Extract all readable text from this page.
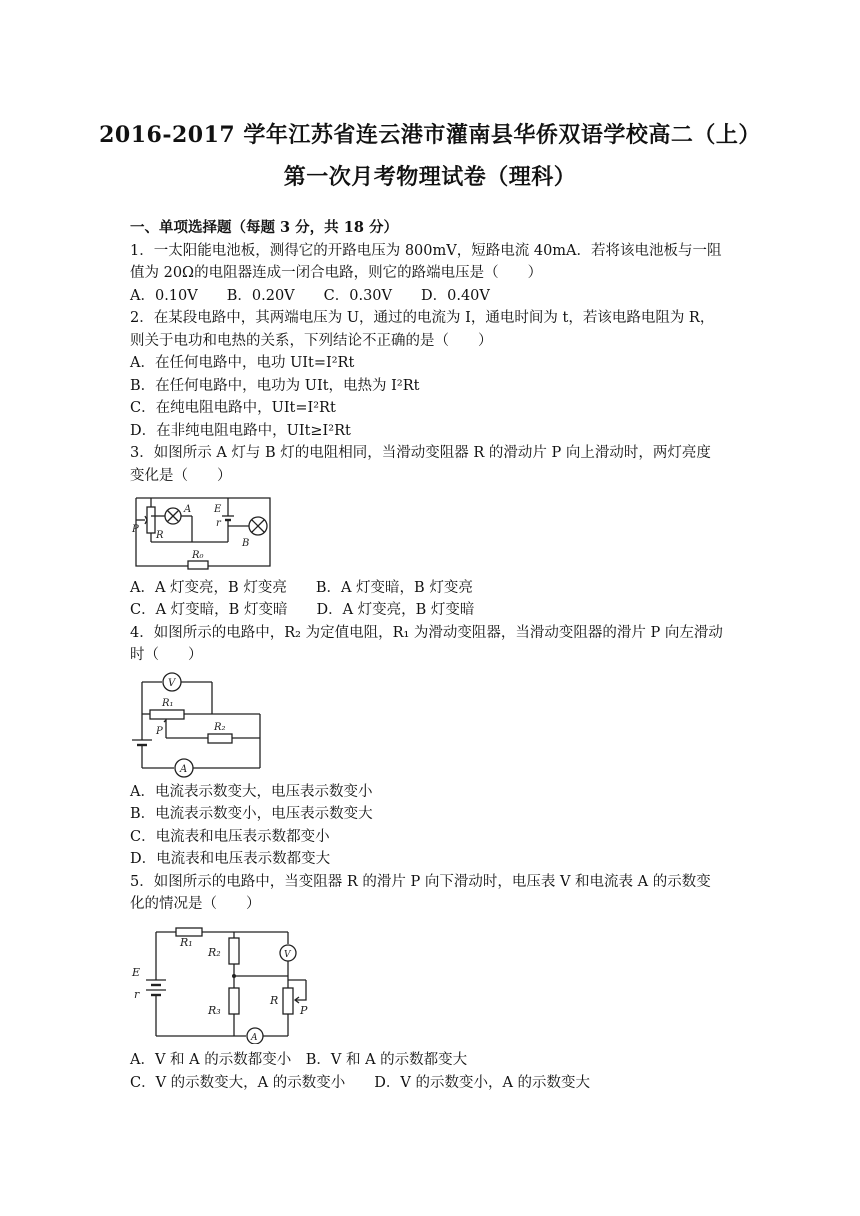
2016-2017 学年江苏省连云港市灌南县华侨双语学校高二（上）
第一次月考物理试卷（理科）
一、单项选择题（每题 3 分，共 18 分）
1．一太阳能电池板，测得它的开路电压为 800mV，短路电流 40mA．若将该电池板与一阻
值为 20Ω的电阻器连成一闭合电路，则它的路端电压是（　　）
A．0.10V　　B．0.20V　　C．0.30V　　D．0.40V
2．在某段电路中，其两端电压为 U，通过的电流为 I，通电时间为 t，若该电路电阻为 R，
则关于电功和电热的关系，下列结论不正确的是（　　）
A．在任何电路中，电功 UIt=I²Rt
B．在任何电路中，电功为 UIt，电热为 I²Rt
C．在纯电阻电路中，UIt=I²Rt
D．在非纯电阻电路中，UIt≥I²Rt
3．如图所示 A 灯与 B 灯的电阻相同，当滑动变阻器 R 的滑动片 P 向上滑动时，两灯亮度
变化是（　　）
P
R
A E
r
B
R₀
A．A 灯变亮，B 灯变亮　　B．A 灯变暗，B 灯变亮
C．A 灯变暗，B 灯变暗　　D．A 灯变亮，B 灯变暗
4．如图所示的电路中，R₂ 为定值电阻，R₁ 为滑动变阻器，当滑动变阻器的滑片 P 向左滑动
时（　　）
V
R₁
P	R₂
A
A．电流表示数变大，电压表示数变小
B．电流表示数变小，电压表示数变大
C．电流表和电压表示数都变小
D．电流表和电压表示数都变大
5．如图所示的电路中，当变阻器 R 的滑片 P 向下滑动时，电压表 V 和电流表 A 的示数变
化的情况是（　　）
R₁
R₂	V
E
r	R
P
R₃
A
A．V 和 A 的示数都变小　B．V 和 A 的示数都变大
C．V 的示数变大，A 的示数变小　　D．V 的示数变小，A 的示数变大
